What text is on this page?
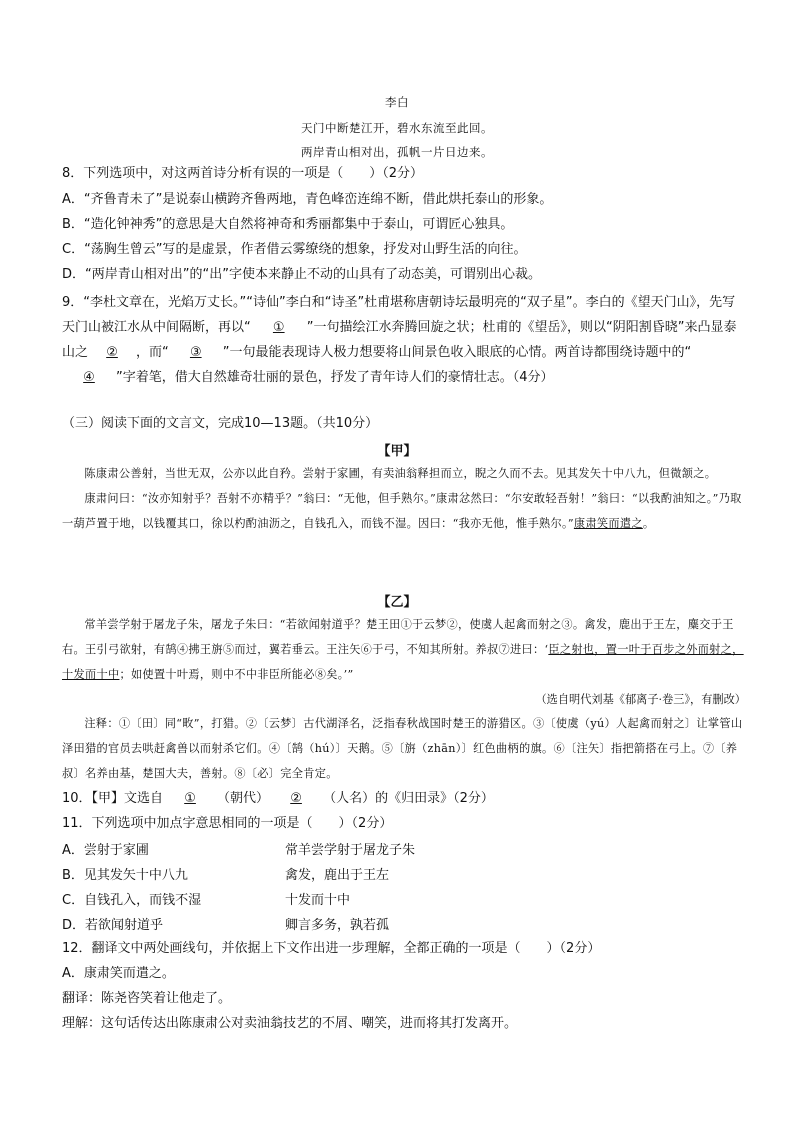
李白
天门中断楚江开，碧水东流至此回。
两岸青山相对出，孤帆一片日边来。
8．下列选项中，对这两首诗分析有误的一项是（　　）（2分）
A．“齐鲁青未了”是说泰山横跨齐鲁两地，青色峰峦连绵不断，借此烘托泰山的形象。
B．“造化钟神秀”的意思是大自然将神奇和秀丽都集中于泰山，可谓匠心独具。
C．“荡胸生曾云”写的是虚景，作者借云雾缭绕的想象，抒发对山野生活的向往。
D．“两岸青山相对出”的“出”字使本来静止不动的山具有了动态美，可谓别出心裁。
9．“李杜文章在，光焰万丈长。”“诗仙”李白和“诗圣”杜甫堪称唐朝诗坛最明亮的“双子星”。李白的《望天门山》，先写天门山被江水从中间隔断，再以“ ① ”一句描绘江水奔腾回旋之状；杜甫的《望岳》，则以“阴阳割昏晓”来凸显泰山之 ② ，而“ ③ ”一句最能表现诗人极力想要将山间景色收入眼底的心情。两首诗都围绕诗题中的“④ ”字着笔，借大自然雄奇壮丽的景色，抒发了青年诗人们的豪情壮志。（4分）
（三）阅读下面的文言文，完成10—13题。（共10分）
【甲】

陈康肃公善射，当世无双，公亦以此自矜。尝射于家圃，有卖油翁释担而立，睨之久而不去。见其发矢十中八九，但微颔之。

康肃问曰：“汝亦知射乎？吾射不亦精乎？”翁曰：“无他，但手熟尔。”康肃忿然曰：“尔安敢轻吾射！”翁曰：“以我酌油知之。”乃取一葫芦置于地，以钱覆其口，徐以杓酌油沥之，自钱孔入，而钱不湿。因曰：“我亦无他，惟手熟尔。”康肃笑而遣之。

【乙】

常羊尝学射于屠龙子朱，屠龙子朱曰：“若欲闻射道乎？楚王田①于云梦②，使虞人起禽而射之③。禽发，鹿出于王左，麋交于王右。王引弓欲射，有鹄④拂王旃⑤而过，翼若垂云。王注矢⑥于弓，不知其所射。养叔⑦进曰：‘臣之射也，置一叶于百步之外而射之，十发而十中；如使置十叶焉，则中不中非臣所能必⑧矣。’”

（选自明代刘基《郁离子·卷三》，有删改）

注释：①〔田〕同“畋”，打猎。②〔云梦〕古代湖泽名，泛指春秋战国时楚王的游猎区。③〔使虞（yú）人起禽而射之〕让掌管山泽田猎的官员去哄赶禽兽以而射杀它们。④〔鹄（hú）〕天鹅。⑤〔旃（zhān）〕红色曲柄的旗。⑥〔注矢〕指把箭搭在弓上。⑦〔养叔〕名养由基，楚国大夫，善射。⑧〔必〕完全肯定。

10．【甲】文选自 ① （朝代） ② （人名）的《归田录》（2分）
11．下列选项中加点字意思相同的一项是（　　）（2分）
A．尝射于家圃	常羊尝学射于屠龙子朱
B．见其发矢十中八九	禽发，鹿出于王左
C．自钱孔入，而钱不湿	十发而十中
D．若欲闻射道乎	卿言多务，孰若孤
12．翻译文中两处画线句，并依据上下文作出进一步理解，全都正确的一项是（　　）（2分）
A．康肃笑而遣之。
翻译：陈尧咨笑着让他走了。
理解：这句话传达出陈康肃公对卖油翁技艺的不屑、嘲笑，进而将其打发离开。
